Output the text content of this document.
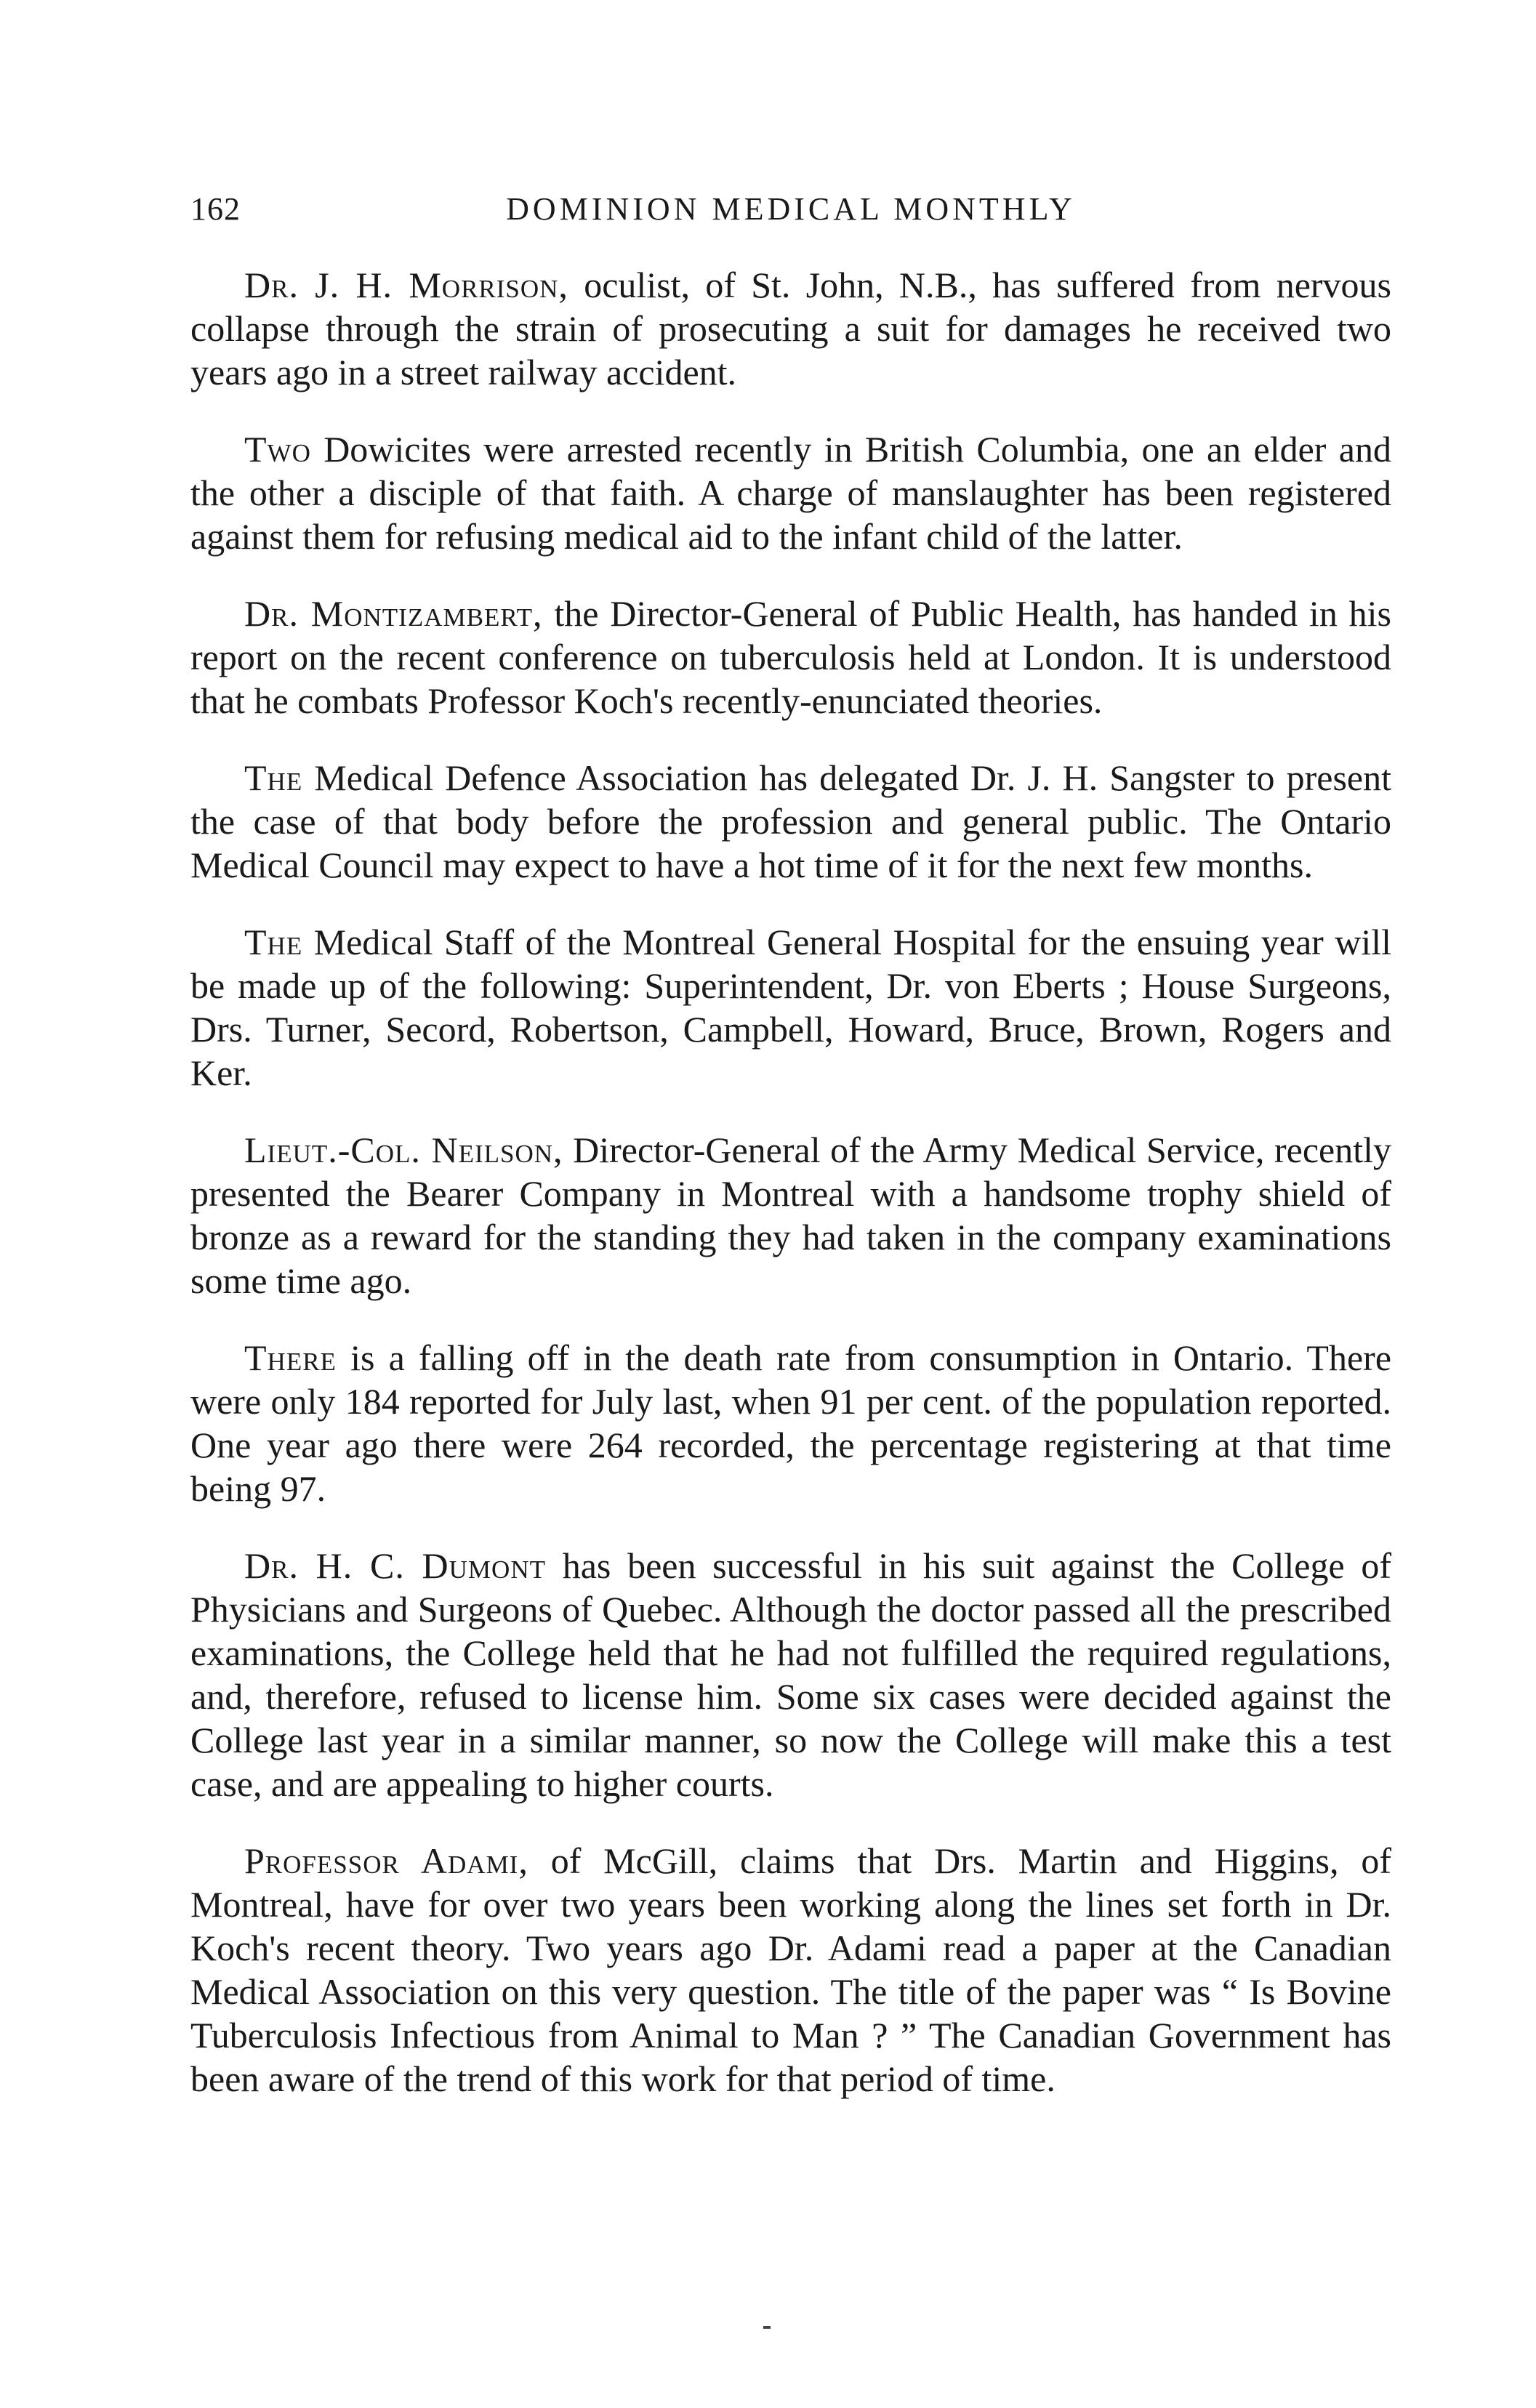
162	DOMINION MEDICAL MONTHLY

Dr. J. H. Morrison, oculist, of St. John, N.B., has suffered from nervous collapse through the strain of prosecuting a suit for damages he received two years ago in a street railway accident.

Two Dowicites were arrested recently in British Columbia, one an elder and the other a disciple of that faith. A charge of manslaughter has been registered against them for refusing medical aid to the infant child of the latter.

Dr. Montizambert, the Director-General of Public Health, has handed in his report on the recent conference on tuberculosis held at London. It is understood that he combats Professor Koch's recently-enunciated theories.

The Medical Defence Association has delegated Dr. J. H. Sangster to present the case of that body before the profession and general public. The Ontario Medical Council may expect to have a hot time of it for the next few months.

The Medical Staff of the Montreal General Hospital for the ensuing year will be made up of the following: Superintendent, Dr. von Eberts ; House Surgeons, Drs. Turner, Secord, Robertson, Campbell, Howard, Bruce, Brown, Rogers and Ker.

Lieut.-Col. Neilson, Director-General of the Army Medical Service, recently presented the Bearer Company in Montreal with a handsome trophy shield of bronze as a reward for the standing they had taken in the company examinations some time ago.

There is a falling off in the death rate from consumption in Ontario. There were only 184 reported for July last, when 91 per cent. of the population reported. One year ago there were 264 recorded, the percentage registering at that time being 97.

Dr. H. C. Dumont has been successful in his suit against the College of Physicians and Surgeons of Quebec. Although the doctor passed all the prescribed examinations, the College held that he had not fulfilled the required regulations, and, therefore, refused to license him. Some six cases were decided against the College last year in a similar manner, so now the College will make this a test case, and are appealing to higher courts.

Professor Adami, of McGill, claims that Drs. Martin and Higgins, of Montreal, have for over two years been working along the lines set forth in Dr. Koch's recent theory. Two years ago Dr. Adami read a paper at the Canadian Medical Association on this very question. The title of the paper was “ Is Bovine Tuberculosis Infectious from Animal to Man ? ” The Canadian Government has been aware of the trend of this work for that period of time.
